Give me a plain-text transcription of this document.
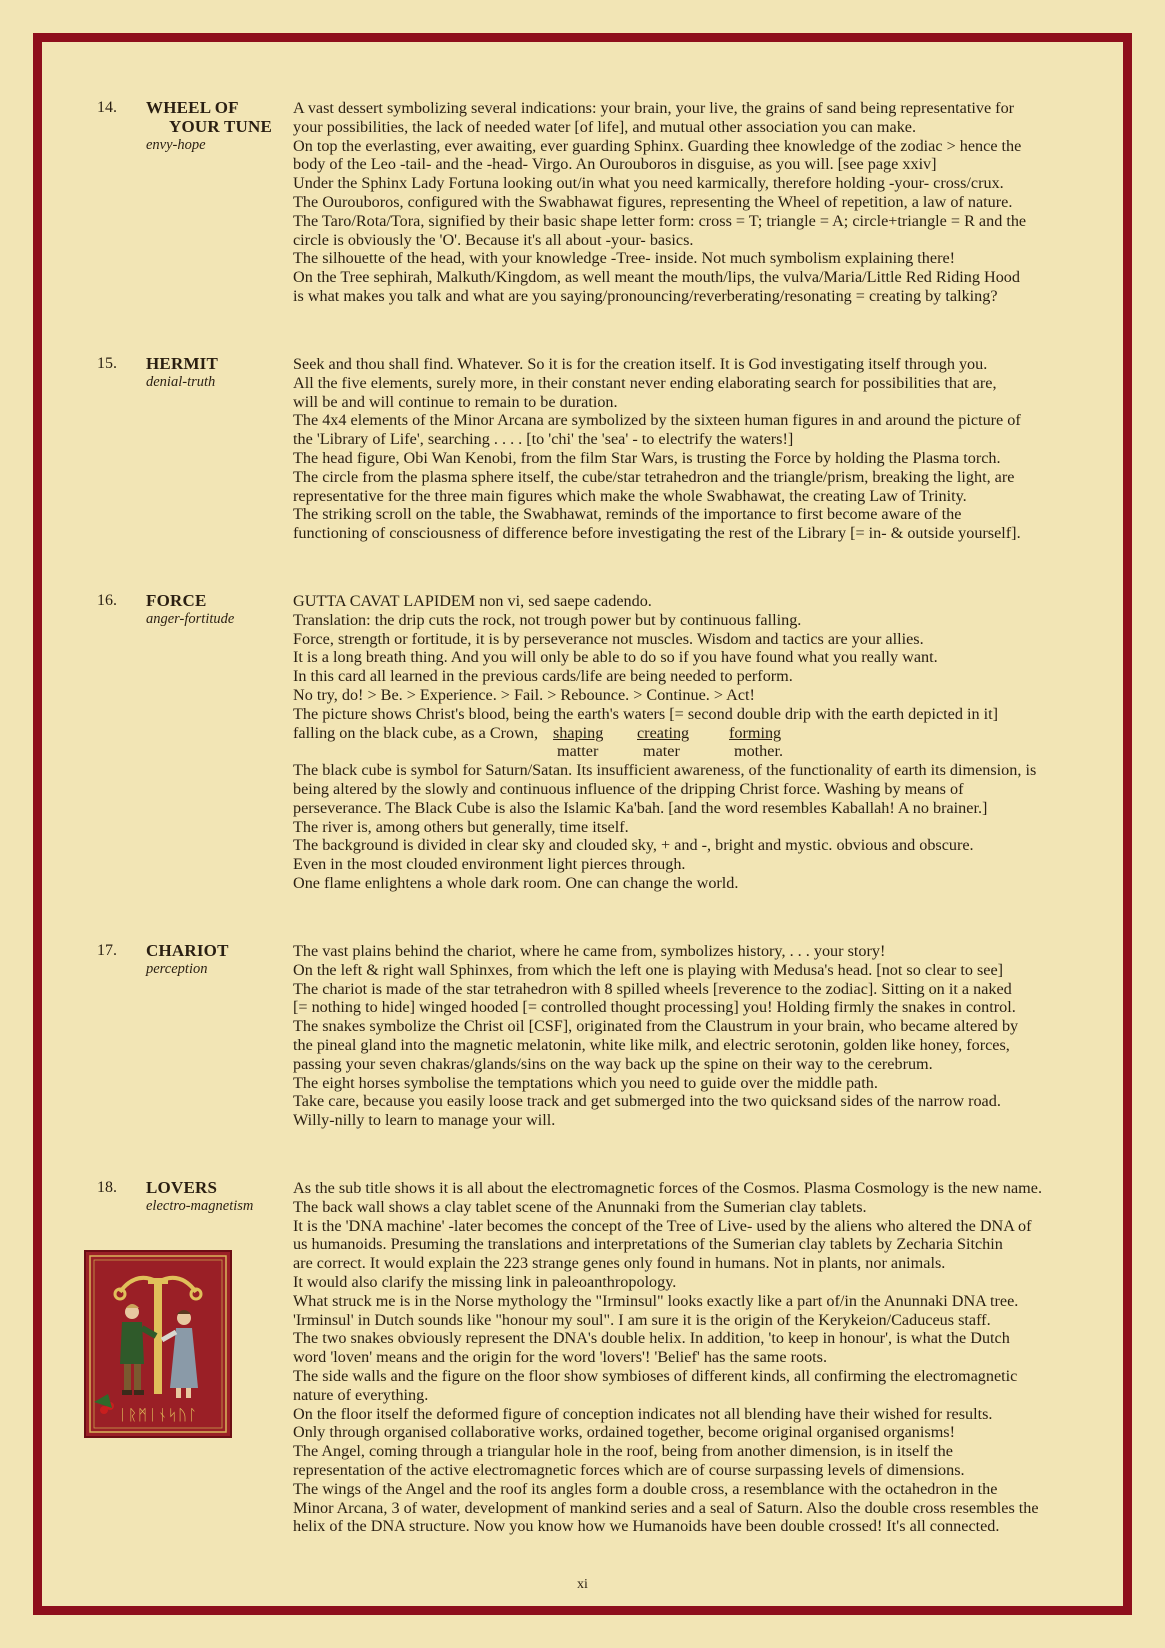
14. WHEEL OF
YOUR TUNE
envy-hope
A vast dessert symbolizing several indications: your brain, your live, the grains of sand being representative for
your possibilities, the lack of needed water [of life], and mutual other association you can make.
On top the everlasting, ever awaiting, ever guarding Sphinx. Guarding thee knowledge of the zodiac > hence the
body of the Leo -tail- and the -head- Virgo. An Ourouboros in disguise, as you will. [see page xxiv]
Under the Sphinx Lady Fortuna looking out/in what you need karmically, therefore holding -your- cross/crux.
The Ourouboros, configured with the Swabhawat figures, representing the Wheel of repetition, a law of nature.
The Taro/Rota/Tora, signified by their basic shape letter form: cross = T; triangle = A; circle+triangle = R and the
circle is obviously the 'O'. Because it's all about -your- basics.
The silhouette of the head, with your knowledge -Tree- inside. Not much symbolism explaining there!
On the Tree sephirah, Malkuth/Kingdom, as well meant the mouth/lips, the vulva/Maria/Little Red Riding Hood
is what makes you talk and what are you saying/pronouncing/reverberating/resonating = creating by talking?
15. HERMIT
denial-truth
Seek and thou shall find. Whatever. So it is for the creation itself. It is God investigating itself through you.
All the five elements, surely more, in their constant never ending elaborating search for possibilities that are,
will be and will continue to remain to be duration.
The 4x4 elements of the Minor Arcana are symbolized by the sixteen human figures in and around the picture of
the 'Library of Life', searching . . . . [to 'chi' the 'sea' - to electrify the waters!]
The head figure, Obi Wan Kenobi, from the film Star Wars, is trusting the Force by holding the Plasma torch.
The circle from the plasma sphere itself, the cube/star tetrahedron and the triangle/prism, breaking the light, are
representative for the three main figures which make the whole Swabhawat, the creating Law of Trinity.
The striking scroll on the table, the Swabhawat, reminds of the importance to first become aware of the
functioning of consciousness of difference before investigating the rest of the Library [= in- & outside yourself].
16. FORCE
anger-fortitude
GUTTA CAVAT LAPIDEM non vi, sed saepe cadendo.
Translation: the drip cuts the rock, not trough power but by continuous falling.
Force, strength or fortitude, it is by perseverance not muscles. Wisdom and tactics are your allies.
It is a long breath thing. And you will only be able to do so if you have found what you really want.
In this card all learned in the previous cards/life are being needed to perform.
No try, do! > Be. > Experience. > Fail. > Rebounce. > Continue. > Act!
The picture shows Christ's blood, being the earth's waters [= second double drip with the earth depicted in it]
falling on the black cube, as a Crown, shaping creating forming
matter	mater	mother.
The black cube is symbol for Saturn/Satan. Its insufficient awareness, of the functionality of earth its dimension, is
being altered by the slowly and continuous influence of the dripping Christ force. Washing by means of
perseverance. The Black Cube is also the Islamic Ka'bah. [and the word resembles Kaballah! A no brainer.]
The river is, among others but generally, time itself.
The background is divided in clear sky and clouded sky, + and -, bright and mystic. obvious and obscure.
Even in the most clouded environment light pierces through.
One flame enlightens a whole dark room. One can change the world.
17. CHARIOT
perception
The vast plains behind the chariot, where he came from, symbolizes history, . . . your story!
On the left & right wall Sphinxes, from which the left one is playing with Medusa's head. [not so clear to see]
The chariot is made of the star tetrahedron with 8 spilled wheels [reverence to the zodiac]. Sitting on it a naked
[= nothing to hide] winged hooded [= controlled thought processing] you! Holding firmly the snakes in control.
The snakes symbolize the Christ oil [CSF], originated from the Claustrum in your brain, who became altered by
the pineal gland into the magnetic melatonin, white like milk, and electric serotonin, golden like honey, forces,
passing your seven chakras/glands/sins on the way back up the spine on their way to the cerebrum.
The eight horses symbolise the temptations which you need to guide over the middle path.
Take care, because you easily loose track and get submerged into the two quicksand sides of the narrow road.
Willy-nilly to learn to manage your will.
18. LOVERS
electro-magnetism
As the sub title shows it is all about the electromagnetic forces of the Cosmos. Plasma Cosmology is the new name.
The back wall shows a clay tablet scene of the Anunnaki from the Sumerian clay tablets.
It is the 'DNA machine' -later becomes the concept of the Tree of Live- used by the aliens who altered the DNA of
us humanoids. Presuming the translations and interpretations of the Sumerian clay tablets by Zecharia Sitchin
are correct. It would explain the 223 strange genes only found in humans. Not in plants, nor animals.
It would also clarify the missing link in paleoanthropology.
What struck me is in the Norse mythology the "Irminsul" looks exactly like a part of/in the Anunnaki DNA tree.
'Irminsul' in Dutch sounds like "honour my soul". I am sure it is the origin of the Kerykeion/Caduceus staff.
The two snakes obviously represent the DNA's double helix. In addition, 'to keep in honour', is what the Dutch
word 'loven' means and the origin for the word 'lovers'! 'Belief' has the same roots.
The side walls and the figure on the floor show symbioses of different kinds, all confirming the electromagnetic
nature of everything.
On the floor itself the deformed figure of conception indicates not all blending have their wished for results.
Only through organised collaborative works, ordained together, become original organised organisms!
The Angel, coming through a triangular hole in the roof, being from another dimension, is in itself the
representation of the active electromagnetic forces which are of course surpassing levels of dimensions.
The wings of the Angel and the roof its angles form a double cross, a resemblance with the octahedron in the
Minor Arcana, 3 of water, development of mankind series and a seal of Saturn. Also the double cross resembles the
helix of the DNA structure. Now you know how we Humanoids have been double crossed! It's all connected.
ᛁᚱᛗᛁᚾᛋᚢᛚ
xi
